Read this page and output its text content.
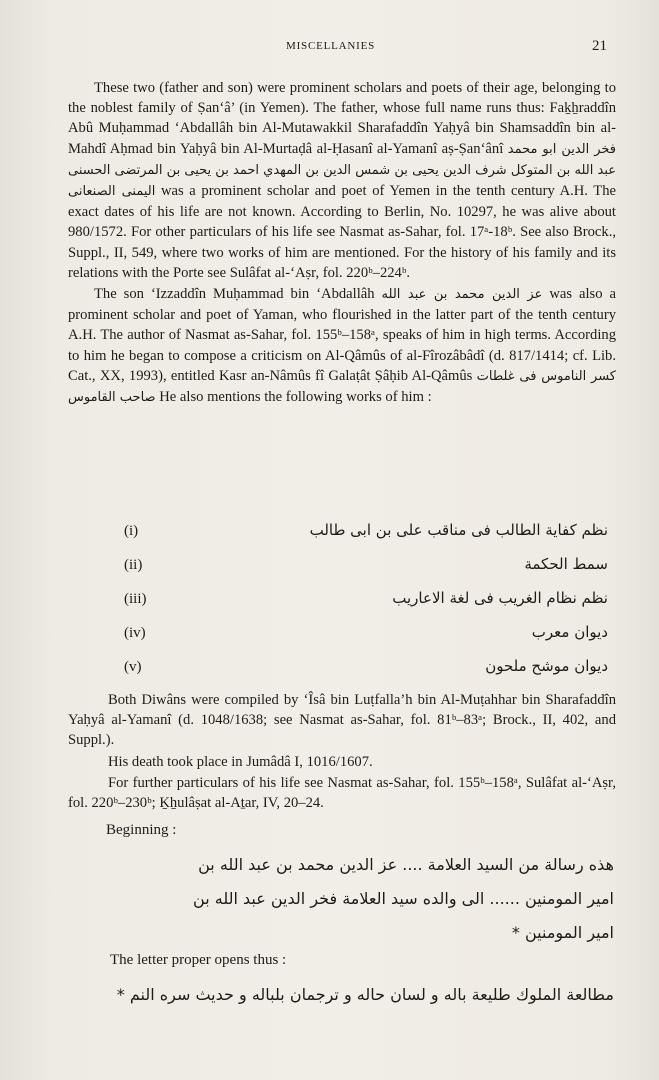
MISCELLANIES	21

These two (father and son) were prominent scholars and poets of their age, belonging to the noblest family of Ṣan‘â’ (in Yemen). The father, whose full name runs thus: Faḵẖraddîn Abû Muḥammad ‘Abdallâh bin Al-Mutawakkil Sharafaddîn Yaḥyâ bin Shamsaddîn bin al-Mahdî Aḥmad bin Yaḥyâ bin Al-Murtaḍâ al-Ḥasanî al-Yamanî aṣ-Ṣan‘ânî فخر الدين ابو محمد عبد الله بن المتوكل شرف الدين يحيى بن شمس الدين بن المهدي احمد بن يحيى بن المرتضى الحسنى اليمنى الصنعانى was a prominent scholar and poet of Yemen in the tenth century A.H. The exact dates of his life are not known. According to Berlin, No. 10297, he was alive about 980/1572. For other particulars of his life see Nasmat as-Sahar, fol. 17ᵃ-18ᵇ. See also Brock., Suppl., II, 549, where two works of him are mentioned. For the history of his family and its relations with the Porte see Sulâfat al-‘Aṣr, fol. 220ᵇ–224ᵇ.

The son ‘Izzaddîn Muḥammad bin ‘Abdallâh عز الدين محمد بن عبد الله was also a prominent scholar and poet of Yaman, who flourished in the latter part of the tenth century A.H. The author of Nasmat as-Sahar, fol. 155ᵇ–158ᵃ, speaks of him in high terms. According to him he began to compose a criticism on Al-Qâmûs of al-Fîrozâbâdî (d. 817/1414; cf. Lib. Cat., XX, 1993), entitled Kasr an-Nâmûs fî Galaṭât Ṣâḥib Al-Qâmûs كسر الناموس فى غلطات صاحب القاموس He also mentions the following works of him :

(i)	نظم كفاية الطالب فى مناقب على بن ابى طالب
(ii)	سمط الحكمة
(iii)	نظم نظام الغريب فى لغة الاعاريب
(iv)	ديوان معرب
(v)	ديوان موشح ملحون

Both Diwâns were compiled by ‘Îsâ bin Luṭfalla’h bin Al-Muṭahhar bin Sharafaddîn Yaḥyâ al-Yamanî (d. 1048/1638; see Nasmat as-Sahar, fol. 81ᵇ–83ᵃ; Brock., II, 402, and Suppl.).

His death took place in Jumâdâ I, 1016/1607.

For further particulars of his life see Nasmat as-Sahar, fol. 155ᵇ–158ᵃ, Sulâfat al-‘Aṣr, fol. 220ᵇ–230ᵇ; Ḵẖulâṣat al-Aṯar, IV, 20–24.

Beginning :
هذه رسالة من السيد العلامة .... عز الدين محمد بن عبد الله بن
امير المومنين ...... الى والده سيد العلامة فخر الدين عبد الله بن
امير المومنين *
The letter proper opens thus :
مطالعة الملوك طليعة باله و لسان حاله و ترجمان بلباله و حديث سره النم *
